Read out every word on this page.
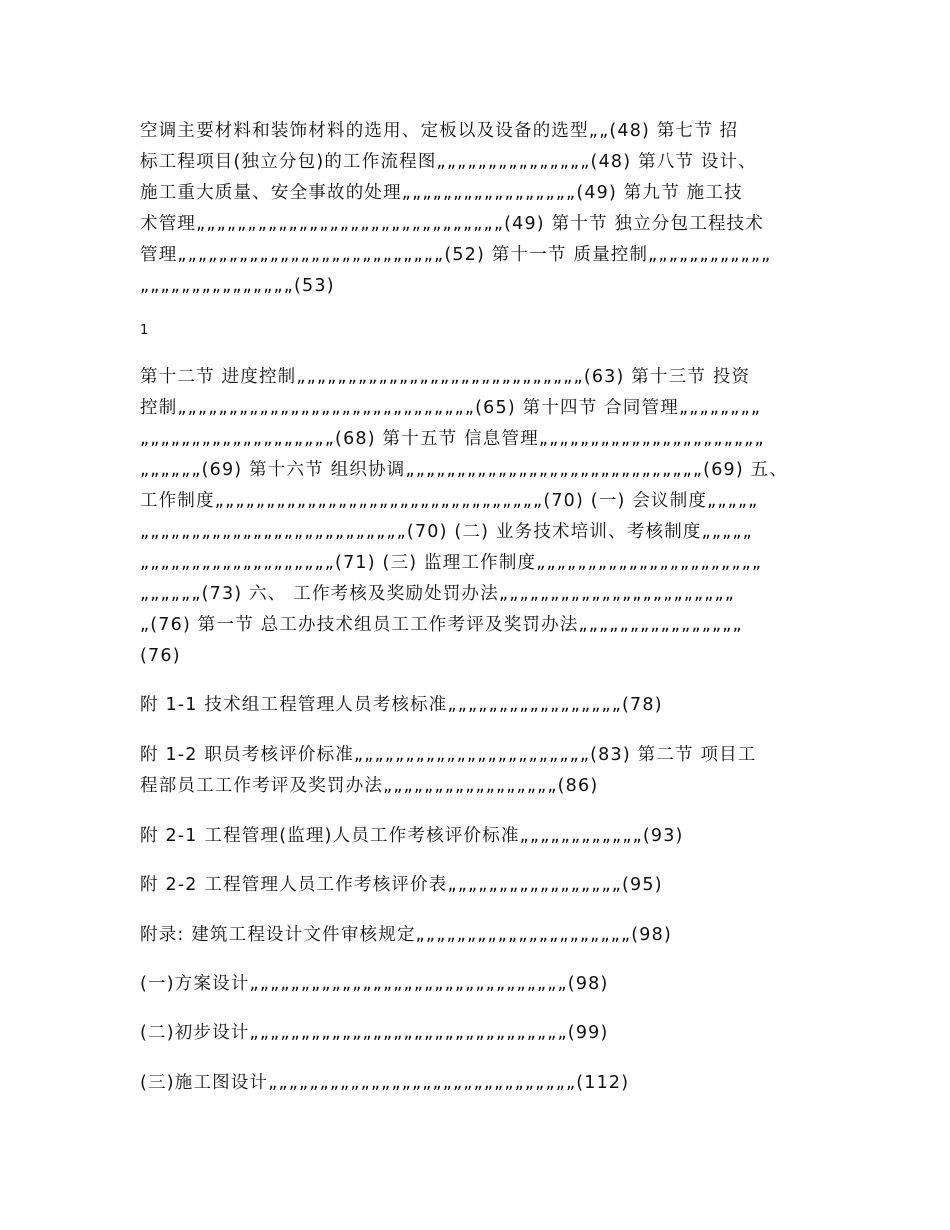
空调主要材料和装饰材料的选用、定板以及设备的选型„„(48) 第七节 招
标工程项目(独立分包)的工作流程图„„„„„„„„„„„„„„„(48) 第八节 设计、
施工重大质量、安全事故的处理„„„„„„„„„„„„„„„„„(49) 第九节 施工技
术管理„„„„„„„„„„„„„„„„„„„„„„„„„„„„„„(49) 第十节 独立分包工程技术
管理„„„„„„„„„„„„„„„„„„„„„„„„„„(52) 第十一节 质量控制„„„„„„„„„„„„
„„„„„„„„„„„„„„„(53)
1
第十二节 进度控制„„„„„„„„„„„„„„„„„„„„„„„„„„„„(63) 第十三节 投资
控制„„„„„„„„„„„„„„„„„„„„„„„„„„„„„(65) 第十四节 合同管理„„„„„„„„
„„„„„„„„„„„„„„„„„„„(68) 第十五节 信息管理„„„„„„„„„„„„„„„„„„„„„„
„„„„„„(69) 第十六节 组织协调„„„„„„„„„„„„„„„„„„„„„„„„„„„„„(69) 五、
工作制度„„„„„„„„„„„„„„„„„„„„„„„„„„„„„„„„(70) (一) 会议制度„„„„„
„„„„„„„„„„„„„„„„„„„„„„„„„„(70) (二) 业务技术培训、考核制度„„„„„
„„„„„„„„„„„„„„„„„„„(71) (三) 监理工作制度„„„„„„„„„„„„„„„„„„„„„„
„„„„„„(73) 六、 工作考核及奖励处罚办法„„„„„„„„„„„„„„„„„„„„„„„
„(76) 第一节 总工办技术组员工工作考评及奖罚办法„„„„„„„„„„„„„„„„
(76)
附 1-1 技术组工程管理人员考核标准„„„„„„„„„„„„„„„„„(78)
附 1-2 职员考核评价标准„„„„„„„„„„„„„„„„„„„„„„„(83) 第二节 项目工
程部员工工作考评及奖罚办法„„„„„„„„„„„„„„„„„(86)
附 2-1 工程管理(监理)人员工作考核评价标准„„„„„„„„„„„„(93)
附 2-2 工程管理人员工作考核评价表„„„„„„„„„„„„„„„„„(95)
附录: 建筑工程设计文件审核规定„„„„„„„„„„„„„„„„„„„„„(98)
(一)方案设计„„„„„„„„„„„„„„„„„„„„„„„„„„„„„„„(98)
(二)初步设计„„„„„„„„„„„„„„„„„„„„„„„„„„„„„„„(99)
(三)施工图设计„„„„„„„„„„„„„„„„„„„„„„„„„„„„„„(112)
